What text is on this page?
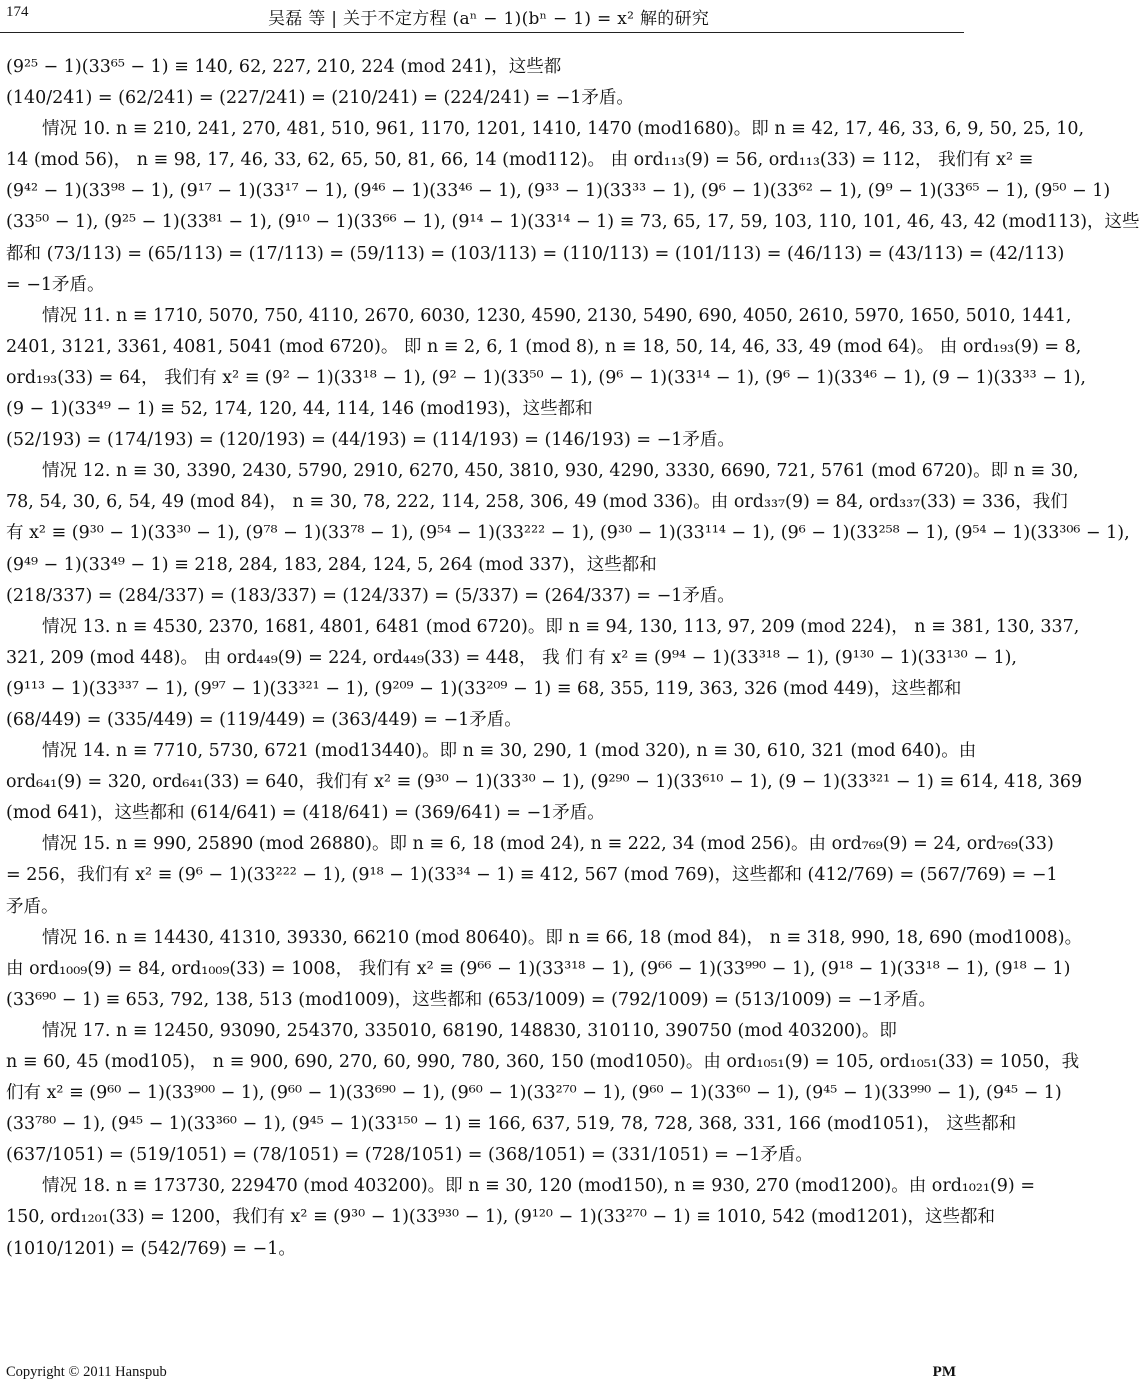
174	吴磊 等 | 关于不定方程 (aⁿ − 1)(bⁿ − 1) = x² 解的研究
(9²⁵ − 1)(33⁶⁵ − 1) ≡ 140, 62, 227, 210, 224 (mod 241)，这些都
(140/241) = (62/241) = (227/241) = (210/241) = (224/241) = −1矛盾。
情况 10. n ≡ 210, 241, 270, 481, 510, 961, 1170, 1201, 1410, 1470 (mod1680)。即 n ≡ 42, 17, 46, 33, 6, 9, 50, 25, 10,
14 (mod 56)， n ≡ 98, 17, 46, 33, 62, 65, 50, 81, 66, 14 (mod112)。 由 ord₁₁₃(9) = 56, ord₁₁₃(33) = 112， 我们有 x² ≡
(9⁴² − 1)(33⁹⁸ − 1), (9¹⁷ − 1)(33¹⁷ − 1), (9⁴⁶ − 1)(33⁴⁶ − 1), (9³³ − 1)(33³³ − 1), (9⁶ − 1)(33⁶² − 1), (9⁹ − 1)(33⁶⁵ − 1), (9⁵⁰ − 1)
(33⁵⁰ − 1), (9²⁵ − 1)(33⁸¹ − 1), (9¹⁰ − 1)(33⁶⁶ − 1), (9¹⁴ − 1)(33¹⁴ − 1) ≡ 73, 65, 17, 59, 103, 110, 101, 46, 43, 42 (mod113)，这些
都和 (73/113) = (65/113) = (17/113) = (59/113) = (103/113) = (110/113) = (101/113) = (46/113) = (43/113) = (42/113)
= −1矛盾。
情况 11. n ≡ 1710, 5070, 750, 4110, 2670, 6030, 1230, 4590, 2130, 5490, 690, 4050, 2610, 5970, 1650, 5010, 1441,
2401, 3121, 3361, 4081, 5041 (mod 6720)。 即 n ≡ 2, 6, 1 (mod 8), n ≡ 18, 50, 14, 46, 33, 49 (mod 64)。 由 ord₁₉₃(9) = 8,
ord₁₉₃(33) = 64， 我们有 x² ≡ (9² − 1)(33¹⁸ − 1), (9² − 1)(33⁵⁰ − 1), (9⁶ − 1)(33¹⁴ − 1), (9⁶ − 1)(33⁴⁶ − 1), (9 − 1)(33³³ − 1),
(9 − 1)(33⁴⁹ − 1) ≡ 52, 174, 120, 44, 114, 146 (mod193)，这些都和
(52/193) = (174/193) = (120/193) = (44/193) = (114/193) = (146/193) = −1矛盾。
情况 12. n ≡ 30, 3390, 2430, 5790, 2910, 6270, 450, 3810, 930, 4290, 3330, 6690, 721, 5761 (mod 6720)。即 n ≡ 30,
78, 54, 30, 6, 54, 49 (mod 84)， n ≡ 30, 78, 222, 114, 258, 306, 49 (mod 336)。由 ord₃₃₇(9) = 84, ord₃₃₇(33) = 336，我们
有 x² ≡ (9³⁰ − 1)(33³⁰ − 1), (9⁷⁸ − 1)(33⁷⁸ − 1), (9⁵⁴ − 1)(33²²² − 1), (9³⁰ − 1)(33¹¹⁴ − 1), (9⁶ − 1)(33²⁵⁸ − 1), (9⁵⁴ − 1)(33³⁰⁶ − 1),
(9⁴⁹ − 1)(33⁴⁹ − 1) ≡ 218, 284, 183, 284, 124, 5, 264 (mod 337)，这些都和
(218/337) = (284/337) = (183/337) = (124/337) = (5/337) = (264/337) = −1矛盾。
情况 13. n ≡ 4530, 2370, 1681, 4801, 6481 (mod 6720)。即 n ≡ 94, 130, 113, 97, 209 (mod 224)， n ≡ 381, 130, 337,
321, 209 (mod 448)。 由 ord₄₄₉(9) = 224, ord₄₄₉(33) = 448， 我 们 有 x² ≡ (9⁹⁴ − 1)(33³¹⁸ − 1), (9¹³⁰ − 1)(33¹³⁰ − 1),
(9¹¹³ − 1)(33³³⁷ − 1), (9⁹⁷ − 1)(33³²¹ − 1), (9²⁰⁹ − 1)(33²⁰⁹ − 1) ≡ 68, 355, 119, 363, 326 (mod 449)，这些都和
(68/449) = (335/449) = (119/449) = (363/449) = −1矛盾。
情况 14. n ≡ 7710, 5730, 6721 (mod13440)。即 n ≡ 30, 290, 1 (mod 320), n ≡ 30, 610, 321 (mod 640)。由
ord₆₄₁(9) = 320, ord₆₄₁(33) = 640，我们有 x² ≡ (9³⁰ − 1)(33³⁰ − 1), (9²⁹⁰ − 1)(33⁶¹⁰ − 1), (9 − 1)(33³²¹ − 1) ≡ 614, 418, 369
(mod 641)，这些都和 (614/641) = (418/641) = (369/641) = −1矛盾。
情况 15. n ≡ 990, 25890 (mod 26880)。即 n ≡ 6, 18 (mod 24), n ≡ 222, 34 (mod 256)。由 ord₇₆₉(9) = 24, ord₇₆₉(33)
= 256，我们有 x² ≡ (9⁶ − 1)(33²²² − 1), (9¹⁸ − 1)(33³⁴ − 1) ≡ 412, 567 (mod 769)，这些都和 (412/769) = (567/769) = −1
矛盾。
情况 16. n ≡ 14430, 41310, 39330, 66210 (mod 80640)。即 n ≡ 66, 18 (mod 84)， n ≡ 318, 990, 18, 690 (mod1008)。
由 ord₁₀₀₉(9) = 84, ord₁₀₀₉(33) = 1008， 我们有 x² ≡ (9⁶⁶ − 1)(33³¹⁸ − 1), (9⁶⁶ − 1)(33⁹⁹⁰ − 1), (9¹⁸ − 1)(33¹⁸ − 1), (9¹⁸ − 1)
(33⁶⁹⁰ − 1) ≡ 653, 792, 138, 513 (mod1009)，这些都和 (653/1009) = (792/1009) = (513/1009) = −1矛盾。
情况 17. n ≡ 12450, 93090, 254370, 335010, 68190, 148830, 310110, 390750 (mod 403200)。即
n ≡ 60, 45 (mod105)， n ≡ 900, 690, 270, 60, 990, 780, 360, 150 (mod1050)。由 ord₁₀₅₁(9) = 105, ord₁₀₅₁(33) = 1050，我
们有 x² ≡ (9⁶⁰ − 1)(33⁹⁰⁰ − 1), (9⁶⁰ − 1)(33⁶⁹⁰ − 1), (9⁶⁰ − 1)(33²⁷⁰ − 1), (9⁶⁰ − 1)(33⁶⁰ − 1), (9⁴⁵ − 1)(33⁹⁹⁰ − 1), (9⁴⁵ − 1)
(33⁷⁸⁰ − 1), (9⁴⁵ − 1)(33³⁶⁰ − 1), (9⁴⁵ − 1)(33¹⁵⁰ − 1) ≡ 166, 637, 519, 78, 728, 368, 331, 166 (mod1051)， 这些都和
(637/1051) = (519/1051) = (78/1051) = (728/1051) = (368/1051) = (331/1051) = −1矛盾。
情况 18. n ≡ 173730, 229470 (mod 403200)。即 n ≡ 30, 120 (mod150), n ≡ 930, 270 (mod1200)。由 ord₁₀₂₁(9) =
150, ord₁₂₀₁(33) = 1200，我们有 x² ≡ (9³⁰ − 1)(33⁹³⁰ − 1), (9¹²⁰ − 1)(33²⁷⁰ − 1) ≡ 1010, 542 (mod1201)，这些都和
(1010/1201) = (542/769) = −1。
Copyright © 2011 Hanspub	PM
